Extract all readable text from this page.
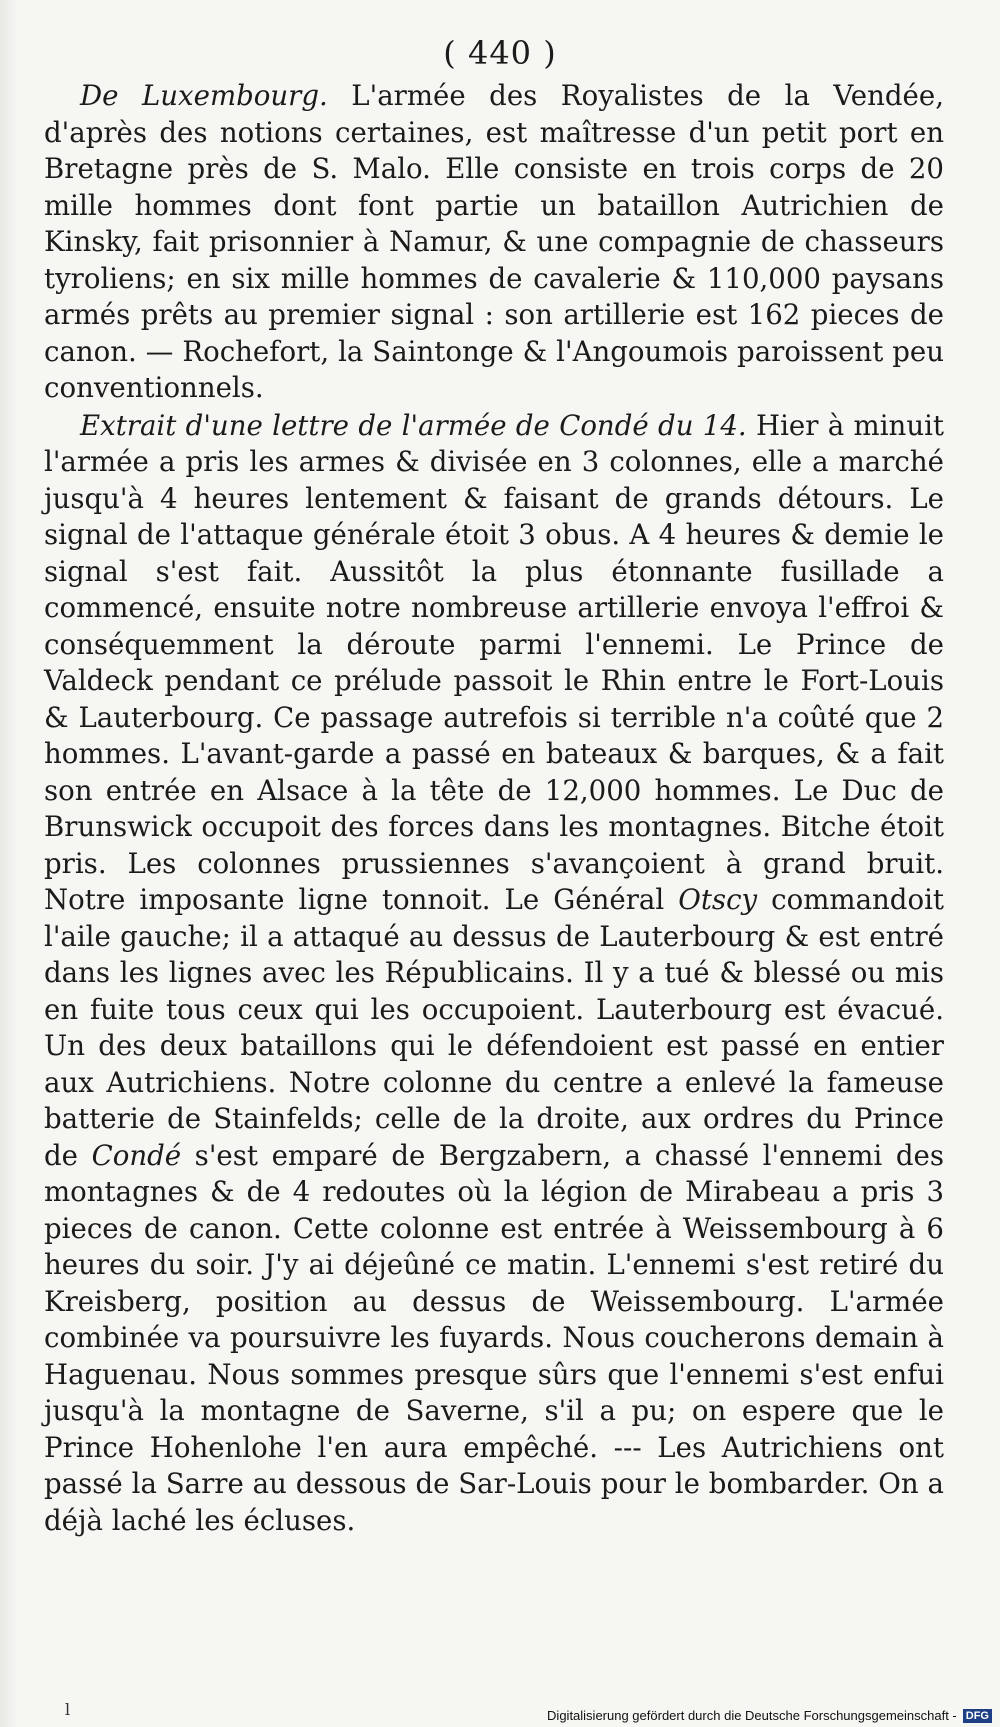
( 440 )

De Luxembourg. L'armée des Royalistes de la Vendée, d'après des notions certaines, est maîtresse d'un petit port en Bretagne près de S. Malo. Elle consiste en trois corps de 20 mille hommes dont font partie un bataillon Autrichien de Kinsky, fait prisonnier à Namur, & une compagnie de chasseurs tyroliens; en six mille hommes de cavalerie & 110,000 paysans armés prêts au premier signal : son artillerie est 162 pieces de canon. — Rochefort, la Saintonge & l'Angoumois paroissent peu conventionnels.

Extrait d'une lettre de l'armée de Condé du 14. Hier à minuit l'armée a pris les armes & divisée en 3 colonnes, elle a marché jusqu'à 4 heures lentement & faisant de grands détours. Le signal de l'attaque générale étoit 3 obus. A 4 heures & demie le signal s'est fait. Aussitôt la plus étonnante fusillade a commencé, ensuite notre nombreuse artillerie envoya l'effroi & conséquemment la déroute parmi l'ennemi. Le Prince de Valdeck pendant ce prélude passoit le Rhin entre le Fort-Louis & Lauterbourg. Ce passage autrefois si terrible n'a coûté que 2 hommes. L'avant-garde a passé en bateaux & barques, & a fait son entrée en Alsace à la tête de 12,000 hommes. Le Duc de Brunswick occupoit des forces dans les montagnes. Bitche étoit pris. Les colonnes prussiennes s'avançoient à grand bruit. Notre imposante ligne tonnoit. Le Général Otscy commandoit l'aile gauche; il a attaqué au dessus de Lauterbourg & est entré dans les lignes avec les Républicains. Il y a tué & blessé ou mis en fuite tous ceux qui les occupoient. Lauterbourg est évacué. Un des deux bataillons qui le défendoient est passé en entier aux Autrichiens. Notre colonne du centre a enlevé la fameuse batterie de Stainfelds; celle de la droite, aux ordres du Prince de Condé s'est emparé de Bergzabern, a chassé l'ennemi des montagnes & de 4 redoutes où la légion de Mirabeau a pris 3 pieces de canon. Cette colonne est entrée à Weissembourg à 6 heures du soir. J'y ai déjeûné ce matin. L'ennemi s'est retiré du Kreisberg, position au dessus de Weissembourg. L'armée combinée va poursuivre les fuyards. Nous coucherons demain à Haguenau. Nous sommes presque sûrs que l'ennemi s'est enfui jusqu'à la montagne de Saverne, s'il a pu; on espere que le Prince Hohenlohe l'en aura empêché. --- Les Autrichiens ont passé la Sarre au dessous de Sar-Louis pour le bombarder. On a déjà laché les écluses.

l	Digitalisierung gefördert durch die Deutsche Forschungsgemeinschaft - DFG
